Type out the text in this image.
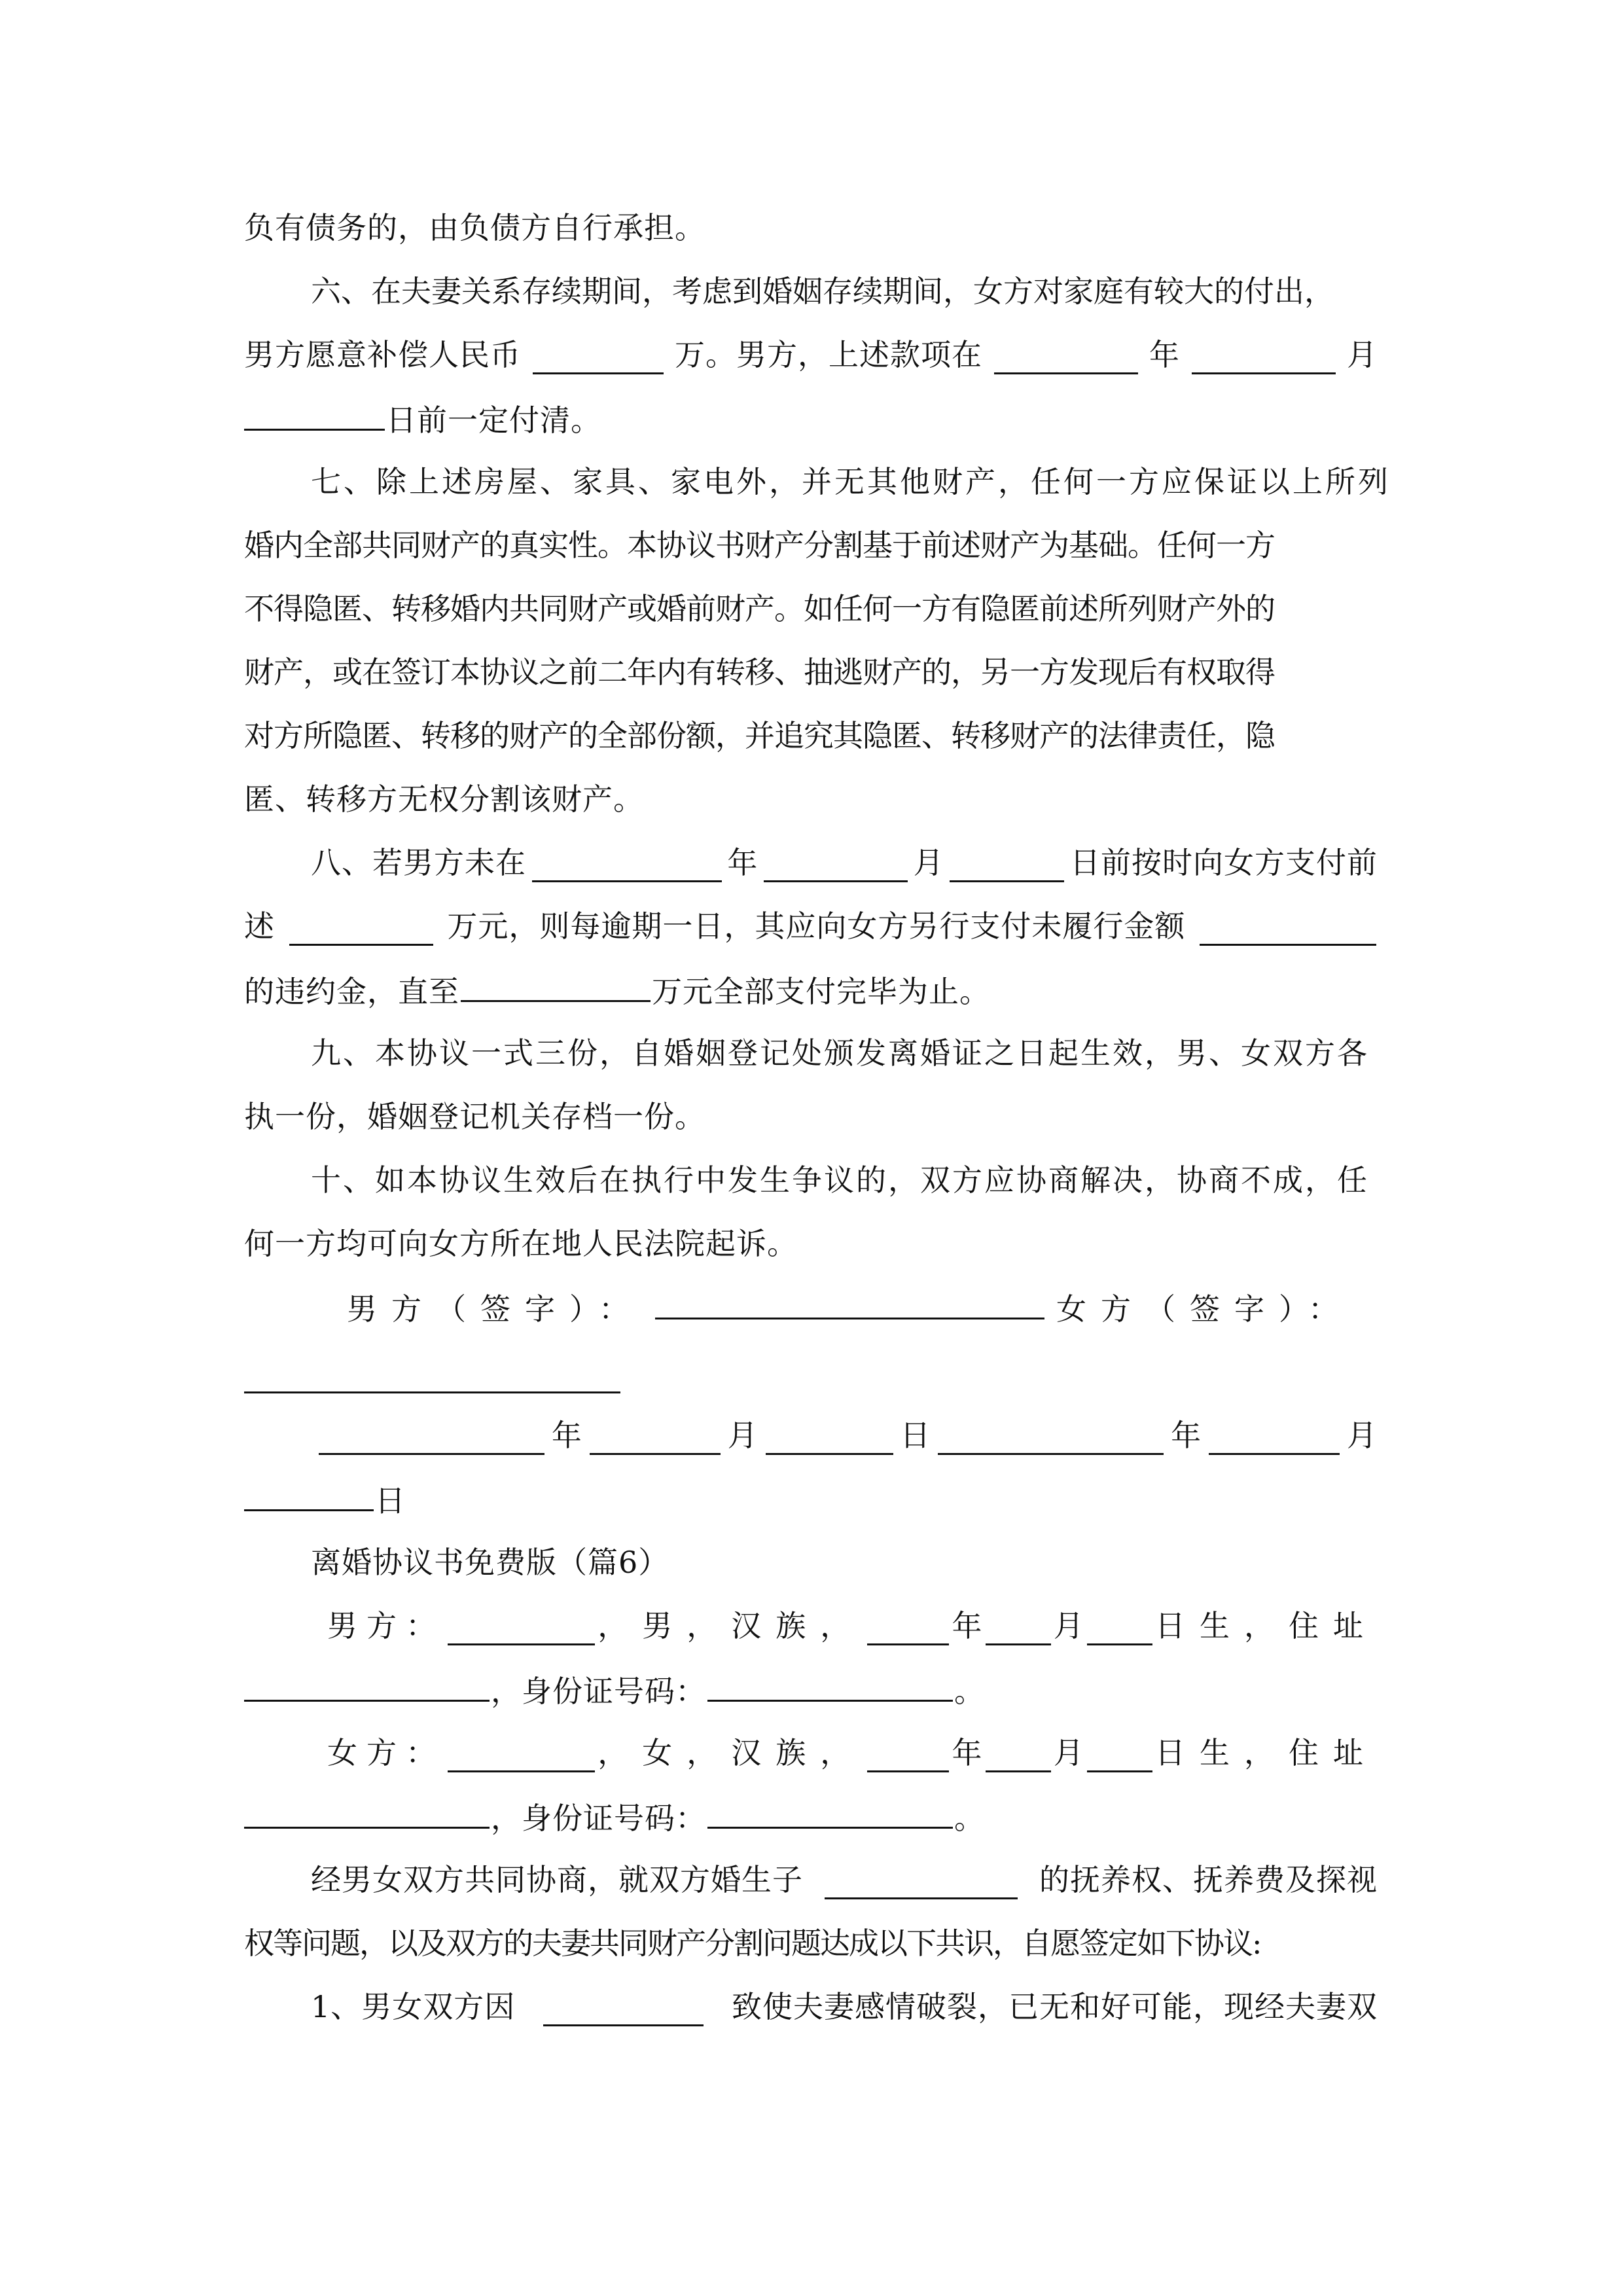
负有债务的，由负债方自行承担。
六、在夫妻关系存续期间，考虑到婚姻存续期间，女方对家庭有较大的付出，
男方愿意补偿人民币	万。男方，上述款项在	年	月
日前一定付清。
七、除上述房屋、家具、家电外，并无其他财产，任何一方应保证以上所列
婚内全部共同财产的真实性。本协议书财产分割基于前述财产为基础。任何一方
不得隐匿、转移婚内共同财产或婚前财产。如任何一方有隐匿前述所列财产外的
财产，或在签订本协议之前二年内有转移、抽逃财产的，另一方发现后有权取得
对方所隐匿、转移的财产的全部份额，并追究其隐匿、转移财产的法律责任，隐
匿、转移方无权分割该财产。
八、若男方未在	年	月	日前按时向女方支付前
述	万元，则每逾期一日，其应向女方另行支付未履行金额
的违约金，直至	万元全部支付完毕为止。
九、本协议一式三份，自婚姻登记处颁发离婚证之日起生效，男、女双方各
执一份，婚姻登记机关存档一份。
十、如本协议生效后在执行中发生争议的，双方应协商解决，协商不成，任
何一方均可向女方所在地人民法院起诉。
男方（签字）：	女方（签字）：
年	月	日	年	月
日
离婚协议书免费版（篇6）
男方：	，男，汉族，	年 月 日生，住址
，身份证号码：	。
女方：	，女，汉族，	年 月 日生，住址
，身份证号码：	。
经男女双方共同协商，就双方婚生子	的抚养权、抚养费及探视
权等问题，以及双方的夫妻共同财产分割问题达成以下共识，自愿签定如下协议:
1、男女双方因	致使夫妻感情破裂，已无和好可能，现经夫妻双
